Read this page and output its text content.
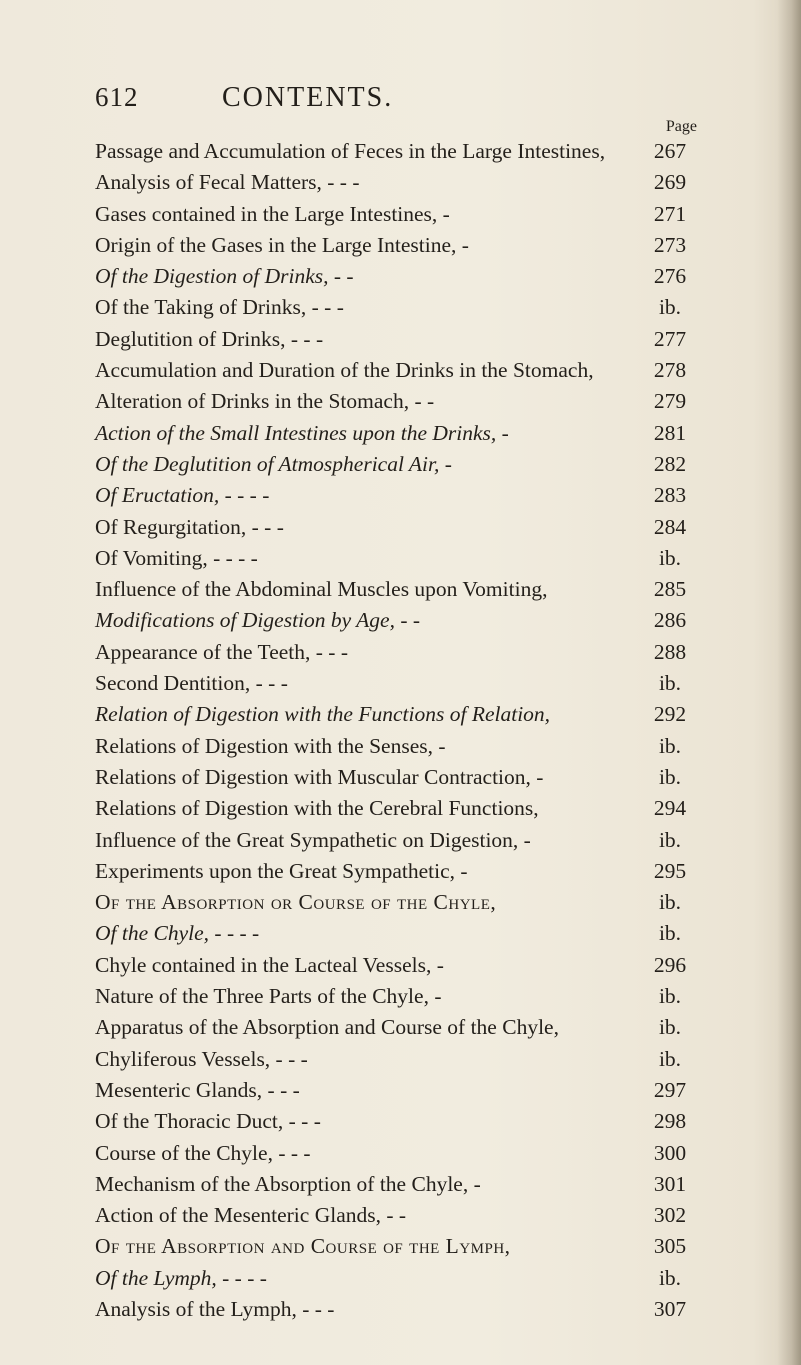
612	CONTENTS.
Page
Passage and Accumulation of Feces in the Large Intestines,	267
Analysis of Fecal Matters, - - -	269
Gases contained in the Large Intestines, -	271
Origin of the Gases in the Large Intestine, -	273
Of the Digestion of Drinks, - -	276
Of the Taking of Drinks, - - -	ib.
Deglutition of Drinks, - - -	277
Accumulation and Duration of the Drinks in the Stomach,	278
Alteration of Drinks in the Stomach, - -	279
Action of the Small Intestines upon the Drinks, -	281
Of the Deglutition of Atmospherical Air, -	282
Of Eructation, - - - -	283
Of Regurgitation, - - -	284
Of Vomiting, - - - -	ib.
Influence of the Abdominal Muscles upon Vomiting,	285
Modifications of Digestion by Age, - -	286
Appearance of the Teeth, - - -	288
Second Dentition, - - -	ib.
Relation of Digestion with the Functions of Relation,	292
Relations of Digestion with the Senses, -	ib.
Relations of Digestion with Muscular Contraction, -	ib.
Relations of Digestion with the Cerebral Functions,	294
Influence of the Great Sympathetic on Digestion, -	ib.
Experiments upon the Great Sympathetic, -	295
Of the Absorption or Course of the Chyle,	ib.
Of the Chyle, - - - -	ib.
Chyle contained in the Lacteal Vessels, -	296
Nature of the Three Parts of the Chyle, -	ib.
Apparatus of the Absorption and Course of the Chyle,	ib.
Chyliferous Vessels, - - -	ib.
Mesenteric Glands, - - -	297
Of the Thoracic Duct, - - -	298
Course of the Chyle, - - -	300
Mechanism of the Absorption of the Chyle, -	301
Action of the Mesenteric Glands, - -	302
Of the Absorption and Course of the Lymph,	305
Of the Lymph, - - - -	ib.
Analysis of the Lymph, - - -	307
